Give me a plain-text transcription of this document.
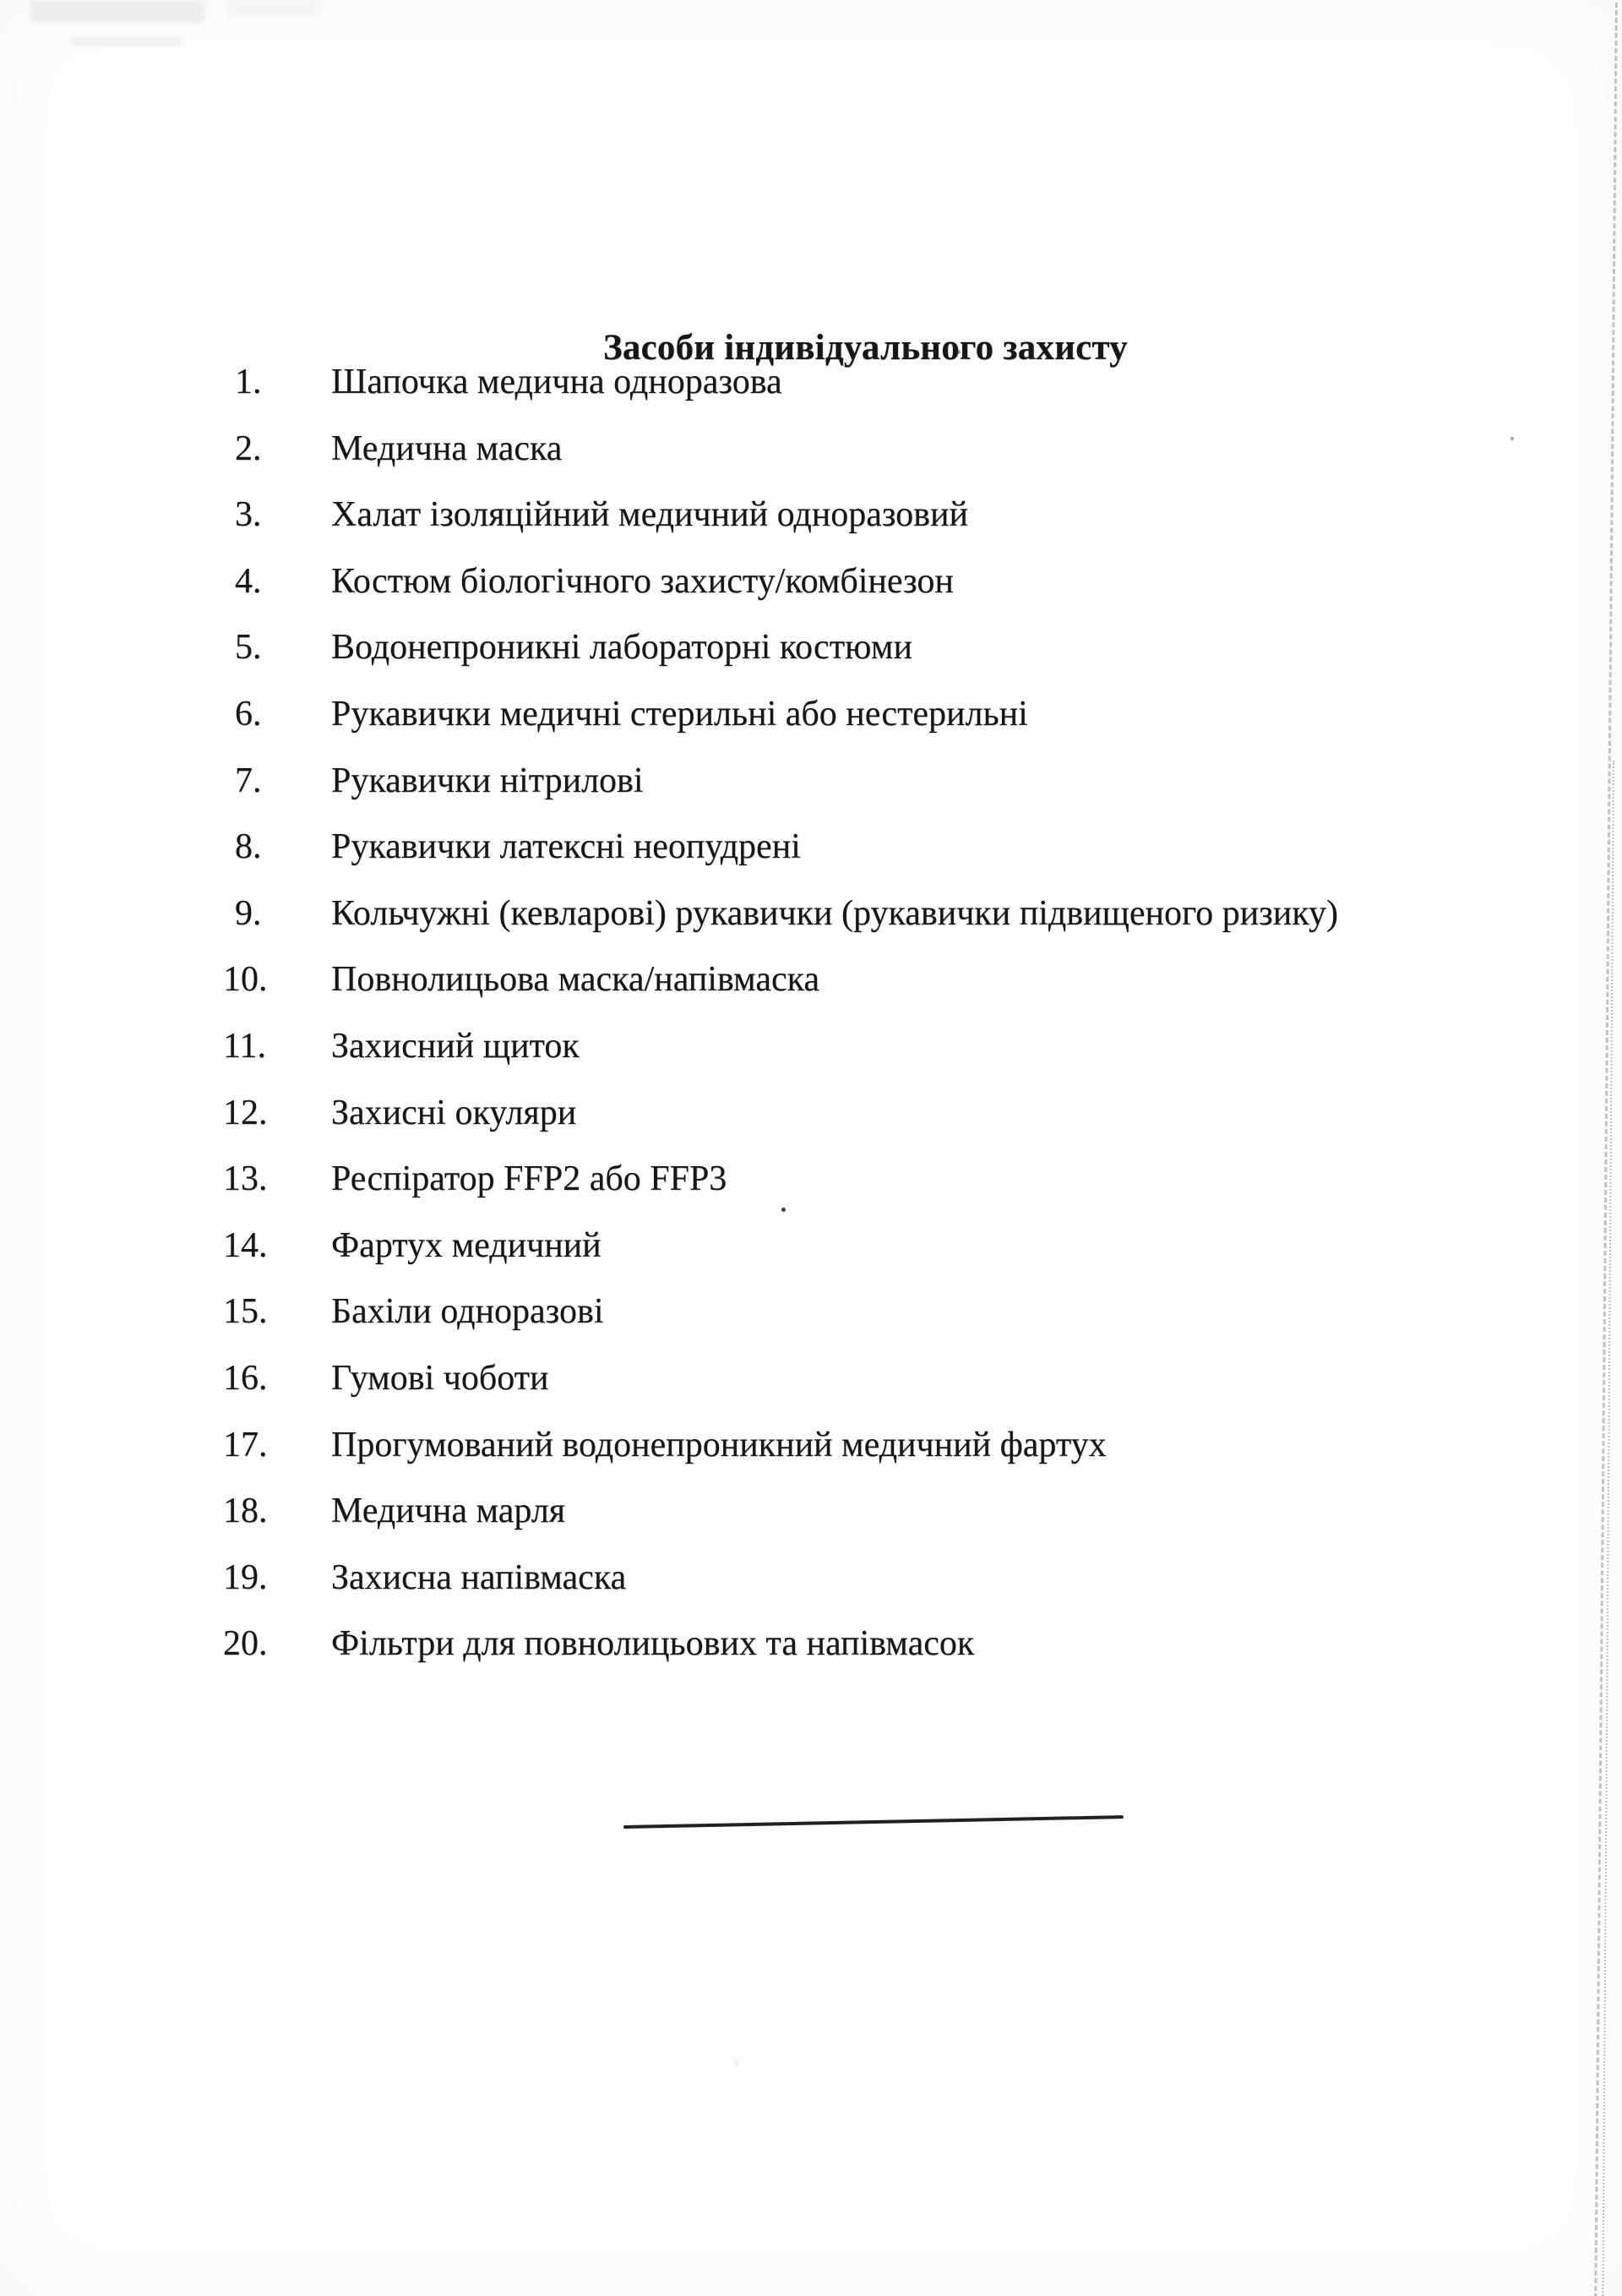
Засоби індивідуального захисту
1. Шапочка медична одноразова
2. Медична маска
3. Халат ізоляційний медичний одноразовий
4. Костюм біологічного захисту/комбінезон
5. Водонепроникні лабораторні костюми
6. Рукавички медичні стерильні або нестерильні
7. Рукавички нітрилові
8. Рукавички латексні неопудрені
9. Кольчужні (кевларові) рукавички (рукавички підвищеного ризику)
10. Повнолицьова маска/напівмаска
11. Захисний щиток
12. Захисні окуляри
13. Респіратор FFP2 або FFP3
14. Фартух медичний
15. Бахіли одноразові
16. Гумові чоботи
17. Прогумований водонепроникний медичний фартух
18. Медична марля
19. Захисна напівмаска
20. Фільтри для повнолицьових та напівмасок
